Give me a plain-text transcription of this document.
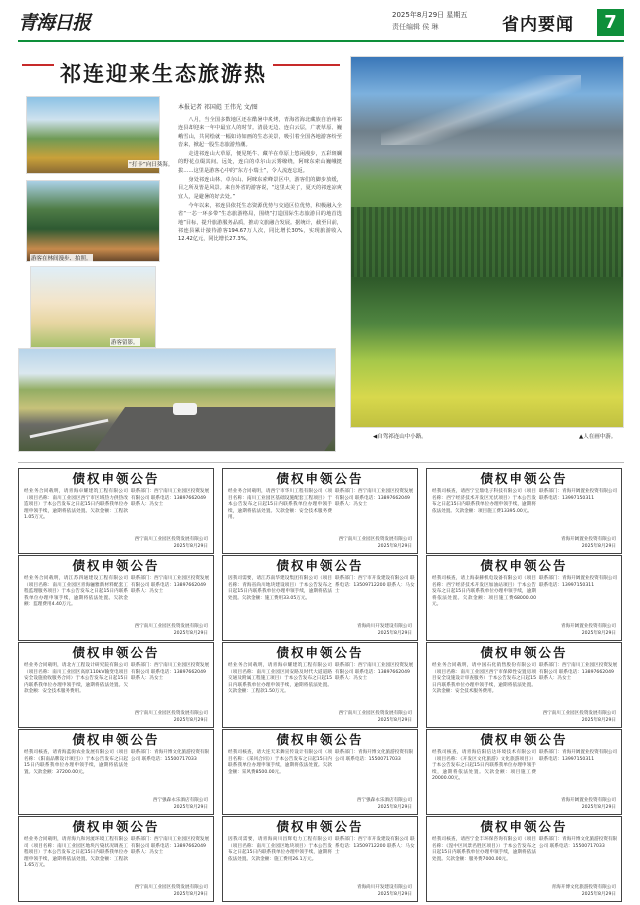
青海日报	2025年8月29日 星期五
责任编辑 侯 琳	省内要闻	7
祁连迎来生态旅游热
本报记者 祁国彪 王伟光 文/图

八月，当全国多数地区还在酷暑中炙烤，青海省海北藏族自治州祁连县却迎来一年中最宜人的时节。清晨无边、连白云层，广袤草原、巍峨雪山，共同绘就一幅如诗如画的生态美景，吸引着全国各地游客纷至沓来，掀起一股生态旅游热潮。

走进祁连山大草原，便见牦牛、藏羊在草原上悠闲漫步，五彩斑斓的野花点缀其间。远处，连白的卓尔山云雾缭绕，阿咪东索山巍峨挺拔……这里是游客心中的“东方小瑞士”，令人流连忘返。

身处祁连山林、卓尔山、阿咪东索峰景区中，游客们的脚步放缓，目之所及皆是风景。来自外省的游客说，“这里太美了，夏天的祁连凉爽宜人，是避暑的好去处。”

今年以来，祁连县依托生态资源优势与交通区位优势，积极融入全省“一芯一环多带”生态旅游格局，围绕“打造国际生态旅游目的地首选地”目标，提升旅游服务品质，推动文旅融合发展。据统计，截至目前，祁连县累计接待游客194.67万人次，同比增长30%，实现旅游收入12.42亿元，同比增长27.3%。

“打卡”向日葵海。
游客在林间漫步、拍照。
游客留影。
◀自驾祁连山中小路。	▲人在画中游。
债权申领公告
经业务合同载明，请青海卓耀建筑工程有限公司（项目名称：南川工业园区西宁市区域热力供热改造项目）于本公告发布之日起15日内联系我单位办理申领手续，逾期将依法处置。欠款金额：工程款1.05万元。
联系部门：西宁南川工业园区投资发展有限公司 联系电话：13897662049 联系人：冯女士
西宁南川工业园区投资发展有限公司
2025年8月29日
债权申领公告
经业务合同载明，请西宁市华川工程有限公司（项目名称：南川工业园区基础设施配套工程项目）于本公告发布之日起15日内联系我单位办理申领手续，逾期将依法处置。欠款金额：安全技术服务费用。
联系部门：西宁南川工业园区投资发展有限公司 联系电话：13897662049 联系人：冯女士
西宁南川工业园区投资发展有限公司
2025年8月29日
债权申领公告
经我司核查，请西宁宝鼎电子科技有限公司（项目名称：西宁经济技术开发区光伏项目）于本公告发布之日起15日内联系我单位办理申领手续，逾期将依法处置。欠款金额：项目施工费13395.00元。
联系部门：青海开阔置业投资有限公司 联系电话：13997150311
青海开阔置业投资有限公司
2025年8月29日
债权申领公告
经业务合同载明，请江苏四通建设工程有限公司（项目名称：南川工业园区青海骊雅新材料配套工程监理服务项目）于本公告发布之日起15日内联系我单位办理申领手续，逾期将依法处置。欠款金额：监理费用4.40万元。
联系部门：西宁南川工业园区投资发展有限公司 联系电话：13897662049 联系人：冯女士
西宁南川工业园区投资发展有限公司
2025年8月29日
债权申领公告
因我司需要，请江苏南华建设集团有限公司（项目名称：青海省尚川地块建设项目）于本公告发布之日起15日内联系我单位办理申领手续，逾期将依法处置。欠款金额：施工费用33.05万元。
联系部门：西宁市开发建设有限公司 联系电话：13509712200 联系人：马女士
青海尚川开发建设有限公司
2025年8月29日
债权申领公告
经我司核查，请上海泰赫机电设备有限公司（项目名称：西宁经济技术开发区加油站项目）于本公告发布之日起15日内联系我单位办理申领手续，逾期将依法处置。欠款金额：项目施工费68000.00元。
联系部门：青海开阔置业投资有限公司 联系电话：13997150311
青海开阔置业投资有限公司
2025年8月29日
债权申领公告
经业务合同载明，请北方工程设计研究院有限公司（项目名称：南川工业园区高原110kV输变电项目安全设施验收服务合同）于本公告发布之日起15日内联系我单位办理申领手续，逾期将依法处置。欠款金额：安全技术服务费用。
联系部门：西宁南川工业园区投资发展有限公司 联系电话：13897662049 联系人：冯女士
西宁南川工业园区投资发展有限公司
2025年8月29日
债权申领公告
经业务合同载明，请青海卓耀建筑工程有限公司（项目名称：南川工业园区同安路及时代大道道路交通及附属工程施工项目）于本公告发布之日起15日内联系我单位办理申领手续，逾期将依法处置。欠款金额：工程款1.50万元。
联系部门：西宁南川工业园区投资发展有限公司 联系电话：13897662049 联系人：冯女士
西宁南川工业园区投资发展有限公司
2025年8月29日
债权申领公告
经业务合同载明，请中国石化销售股份有限公司（项目名称：南川工业园区西宁市保障性安置房项目安全设施设计审查服务）于本公告发布之日起15日内联系我单位办理申领手续，逾期将依法处置。欠款金额：安全技术服务费用。
联系部门：西宁南川工业园区投资发展有限公司 联系电话：13897662049 联系人：冯女士
西宁南川工业园区投资发展有限公司
2025年8月29日
债权申领公告
经我司核查，请青海蓝驹农业发展有限公司（项目名称：《阳南品牌设计项目》）于本公告发布之日起15日内联系我单位办理申领手续，逾期将依法处置。欠款金额：37200.00元。
联系部门：青海开博文化旅游投资有限公司 联系电话：15500717033
西宁强森永乐酒店有限公司
2025年8月29日
债权申领公告
经我司核查，请大连天禾舞宣传设计有限公司（项目名称：《采风合同》）于本公告发布之日起15日内联系我单位办理申领手续，逾期将依法处置。欠款金额：采风费8500.00元。
联系部门：青海开博文化旅游投资有限公司 联系电话：15500717033
西宁强森永乐酒店有限公司
2025年8月29日
债权申领公告
经我司核查，请青海信阳信达环境技术有限公司（项目名称：《开发区文化旅游》文化旅游项目》）于本公告发布之日起15日内联系我单位办理申领手续，逾期将依法处置。欠款金额：项目施工费20000.00元。
联系部门：青海开阔置业投资有限公司 联系电话：13997150311
青海开阔置业投资有限公司
2025年8月29日
债权申领公告
经业务合同载明，请青海九和河流环境工程有限公司（项目名称：南川工业园区地块污染状况调查工程项目）于本公告发布之日起15日内联系我单位办理申领手续，逾期将依法处置。欠款金额：工程款1.65万元。
联系部门：西宁南川工业园区投资发展有限公司 联系电话：13897662049 联系人：冯女士
西宁南川工业园区投资发展有限公司
2025年8月29日
债权申领公告
因我司需要，请青海尚川昌辉电力工程有限公司（项目名称：南川工业园区地块项目）于本公告发布之日起15日内联系我单位办理申领手续，逾期将依法处置。欠款金额：施工费用26.1万元。
联系部门：西宁市开发建设有限公司 联系电话：13509712200 联系人：马女士
青海尚川开发建设有限公司
2025年8月29日
债权申领公告
经我司核查，请西宁金丰环保咨询有限公司（项目名称：《湟中区风景名胜区项目》）于本公告发布之日起15日内联系我单位办理申领手续，逾期将依法处置。欠款金额：服务费7000.00元。
联系部门：青海开博文化旅游投资有限公司 联系电话：15500717033
青海开博文化旅游投资有限公司
2025年8月29日
